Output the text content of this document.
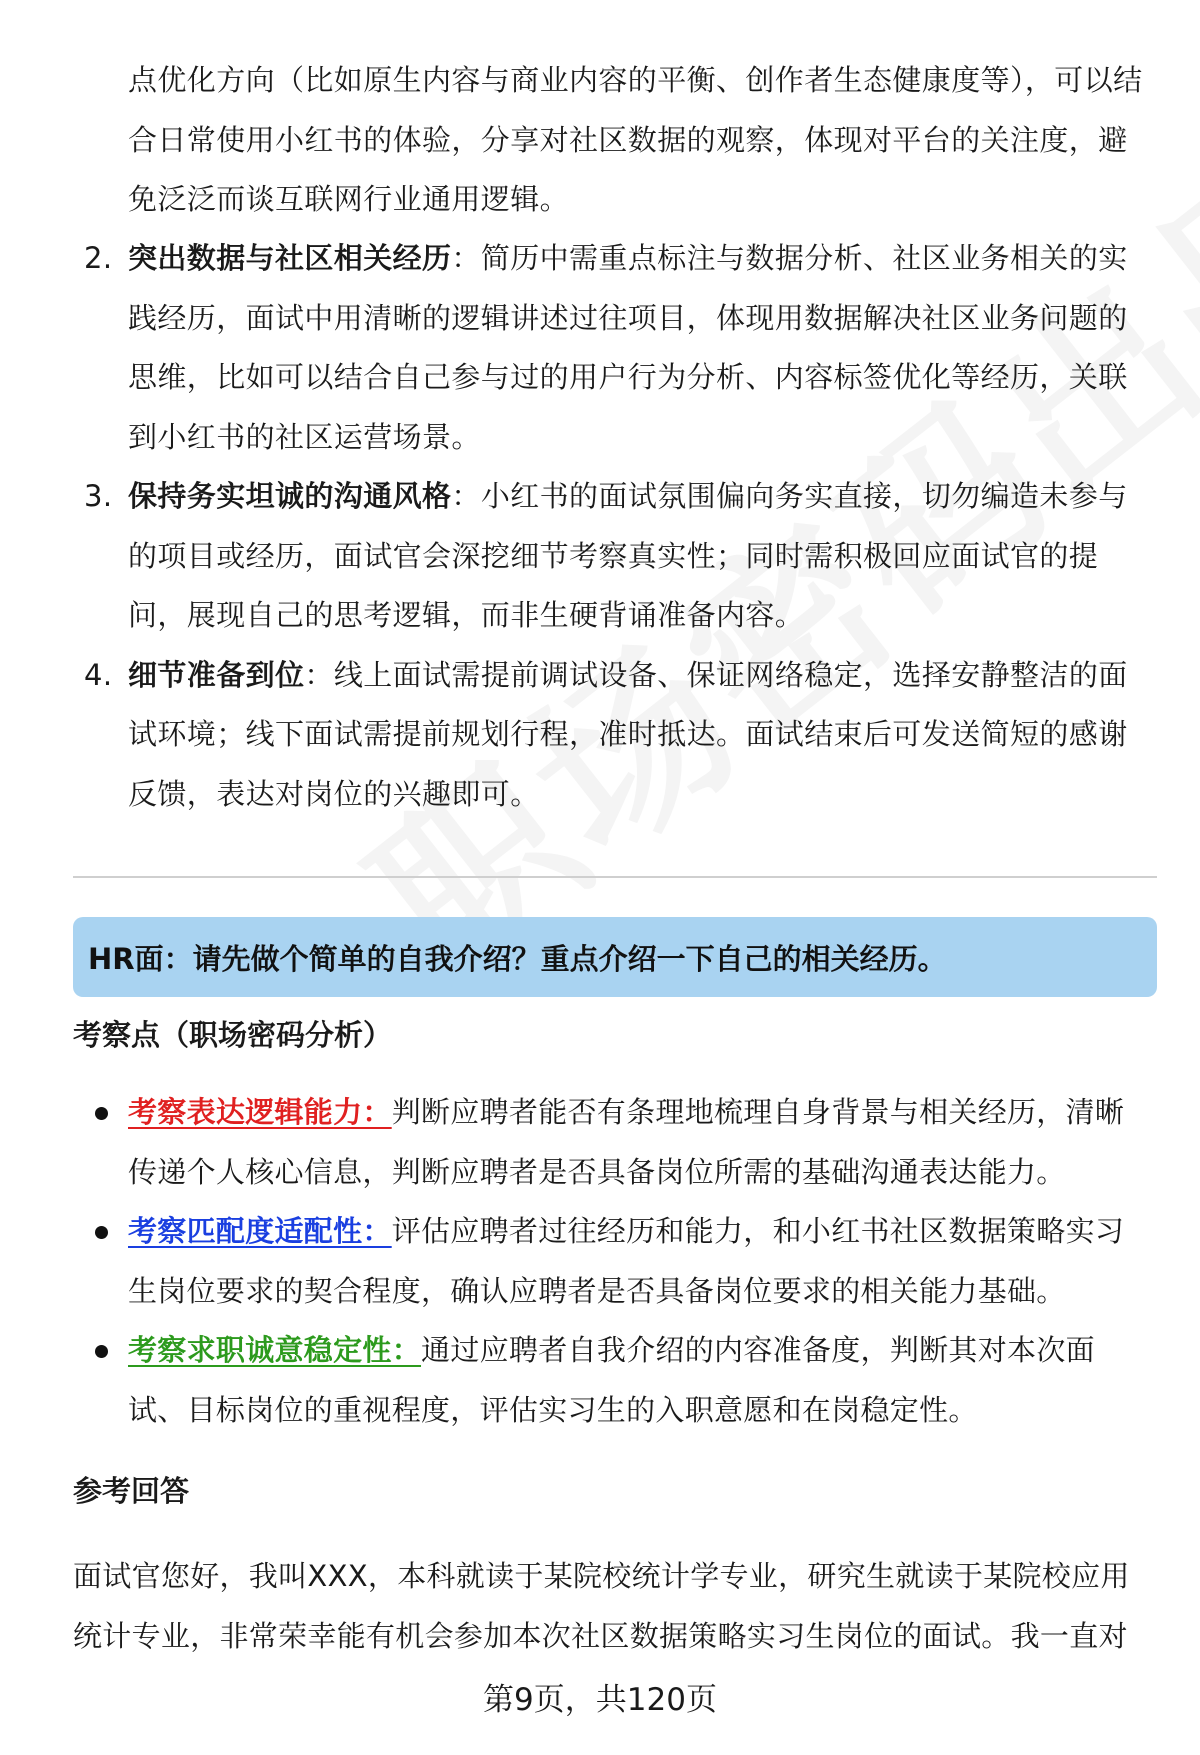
点优化方向（比如原生内容与商业内容的平衡、创作者生态健康度等），可以结合日常使用小红书的体验，分享对社区数据的观察，体现对平台的关注度，避免泛泛而谈互联网行业通用逻辑。
2. 突出数据与社区相关经历：简历中需重点标注与数据分析、社区业务相关的实践经历，面试中用清晰的逻辑讲述过往项目，体现用数据解决社区业务问题的思维，比如可以结合自己参与过的用户行为分析、内容标签优化等经历，关联到小红书的社区运营场景。
3. 保持务实坦诚的沟通风格：小红书的面试氛围偏向务实直接，切勿编造未参与的项目或经历，面试官会深挖细节考察真实性；同时需积极回应面试官的提问，展现自己的思考逻辑，而非生硬背诵准备内容。
4. 细节准备到位：线上面试需提前调试设备、保证网络稳定，选择安静整洁的面试环境；线下面试需提前规划行程，准时抵达。面试结束后可发送简短的感谢反馈，表达对岗位的兴趣即可。
HR面：请先做个简单的自我介绍？重点介绍一下自己的相关经历。
考察点（职场密码分析）
考察表达逻辑能力：判断应聘者能否有条理地梳理自身背景与相关经历，清晰传递个人核心信息，判断应聘者是否具备岗位所需的基础沟通表达能力。
考察匹配度适配性：评估应聘者过往经历和能力，和小红书社区数据策略实习生岗位要求的契合程度，确认应聘者是否具备岗位要求的相关能力基础。
考察求职诚意稳定性：通过应聘者自我介绍的内容准备度，判断其对本次面试、目标岗位的重视程度，评估实习生的入职意愿和在岗稳定性。
参考回答
面试官您好，我叫XXX，本科就读于某院校统计学专业，研究生就读于某院校应用统计专业，非常荣幸能有机会参加本次社区数据策略实习生岗位的面试。我一直对
第9页，共120页
